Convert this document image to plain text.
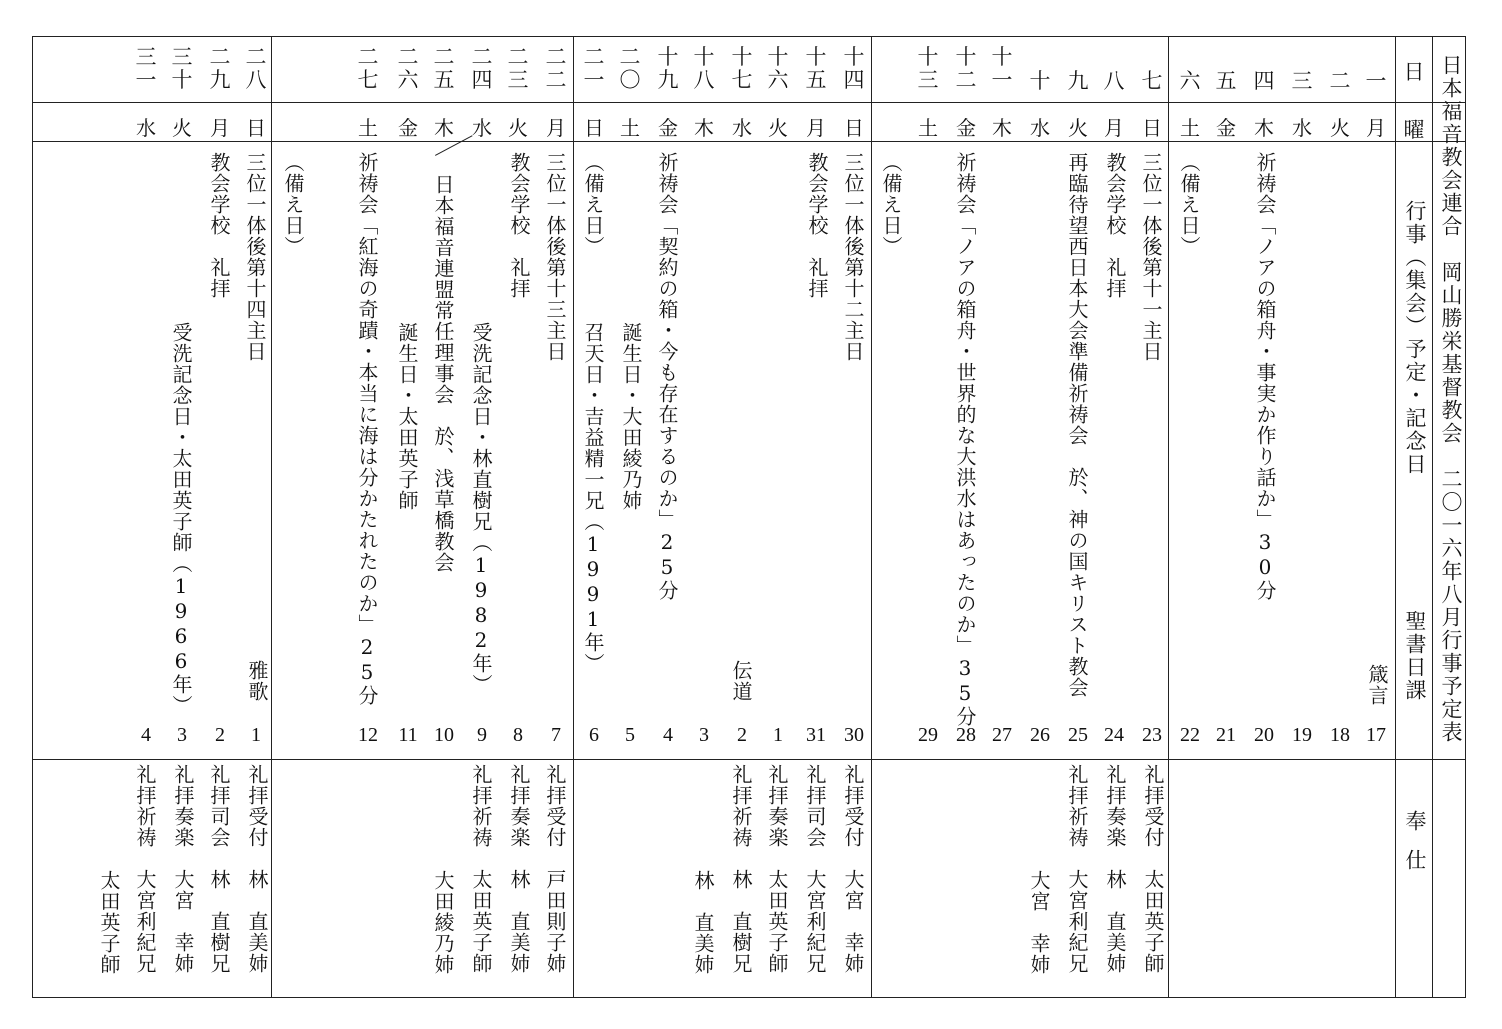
日本福音教会連合　岡山勝栄基督教会　二〇一六年八月行事予定表
日
曜
行事（集会）予定・記念日
聖書日課
奉仕
一
二
三
四
五
六
七
八
九
十
十
一
十
二
十
三
十
四
十
五
十
六
十
七
十
八
十
九
二
〇
二
一
二
二
二
三
二
四
二
五
二
六
二
七
二
八
二
九
三
十
三
一
月
火
水
木
金
土
日
月
火
水
木
金
土
日
月
火
水
木
金
土
日
月
火
水
木
金
土
日
月
火
水
17
18
19
20
21
22
23
24
25
26
27
28
29
30
31
1
2
3
4
5
6
7
8
9
10
11
12
1
2
3
4
箴言
伝道
雅歌
祈祷会「ノアの箱舟・事実か作り話か」30分
（備え日）
三位一体後第十一主日
教会学校　礼拝
再臨待望西日本大会準備祈祷会　於、神の国キリスト教会
祈祷会「ノアの箱舟・世界的な大洪水はあったのか」35分
（備え日）
三位一体後第十二主日
教会学校　礼拝
祈祷会「契約の箱・今も存在するのか」25分
誕生日・大田綾乃姉
（備え日）
召天日・吉益精一兄（1991年）
三位一体後第十三主日
教会学校　礼拝
受洗記念日・林直樹兄（1982年）
日本福音連盟常任理事会　於、浅草橋教会
祈祷会「紅海の奇蹟・本当に海は分かたれたのか」25分 誕生日・太田英子師
（備え日）
三位一体後第十四主日
教会学校　礼拝
受洗記念日・太田英子師（1966年）
礼拝受付　太田英子師
礼拝奏楽　林　直美姉
礼拝祈祷　大宮利紀兄
大宮　幸姉
礼拝受付　大宮　幸姉
礼拝司会　大宮利紀兄
礼拝奏楽　太田英子師
礼拝祈祷　林　直樹兄
林　直美姉
礼拝受付　戸田則子姉
礼拝奏楽　林　直美姉
礼拝祈祷　太田英子師
大田綾乃姉
礼拝受付　林　直美姉
礼拝司会　林　直樹兄
礼拝奏楽　大宮　幸姉
礼拝祈祷　大宮利紀兄
太田英子師
